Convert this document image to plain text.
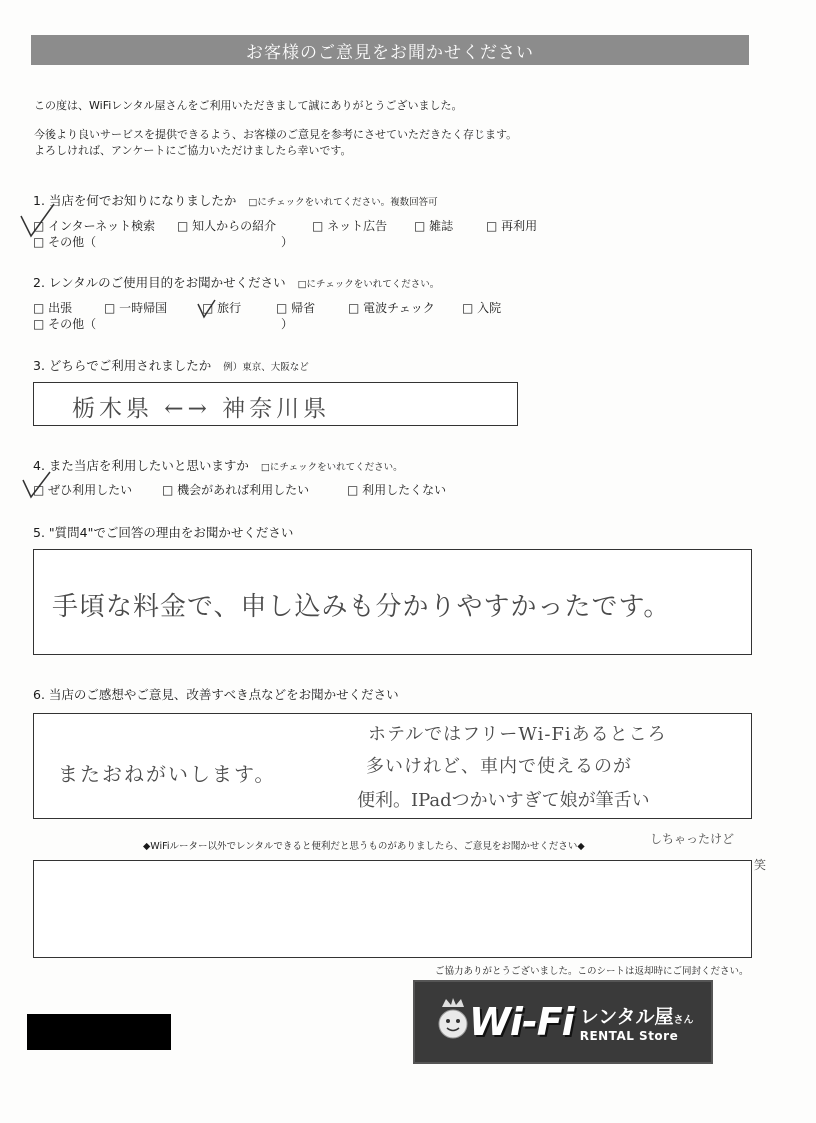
お客様のご意見をお聞かせください
この度は、WiFiレンタル屋さんをご利用いただきまして誠にありがとうございました。
今後より良いサービスを提供できるよう、お客様のご意見を参考にさせていただきたく存じます。
よろしければ、アンケートにご協力いただけましたら幸いです。
1. 当店を何でお知りになりましたか □にチェックをいれてください。複数回答可
□ インターネット検索 □ 知人からの紹介	□ ネット広告 □ 雑誌	□ 再利用
□ その他（	）
2. レンタルのご使用目的をお聞かせください □にチェックをいれてください。
□ 出張	□ 一時帰国	□ 旅行	□ 帰省	□ 電波チェック □ 入院
□ その他（	）
3. どちらでご利用されましたか 例）東京、大阪など
栃木県 ←→ 神奈川県
4. また当店を利用したいと思いますか □にチェックをいれてください。
□ ぜひ利用したい □ 機会があれば利用したい	□ 利用したくない
5. "質問4"でご回答の理由をお聞かせください
手頃な料金で、申し込みも分かりやすかったです。
6. 当店のご感想やご意見、改善すべき点などをお聞かせください
またおねがいします。
ホテルではフリーWi-Fiあるところ
多いけれど、車内で使えるのが
便利。IPadつかいすぎて娘が筆舌い
しちゃったけど
笑
◆WiFiルーター以外でレンタルできると便利だと思うものがありましたら、ご意見をお聞かせください◆
ご協力ありがとうございました。このシートは返却時にご同封ください。
Wi-Fi レンタル屋さん
RENTAL Store
